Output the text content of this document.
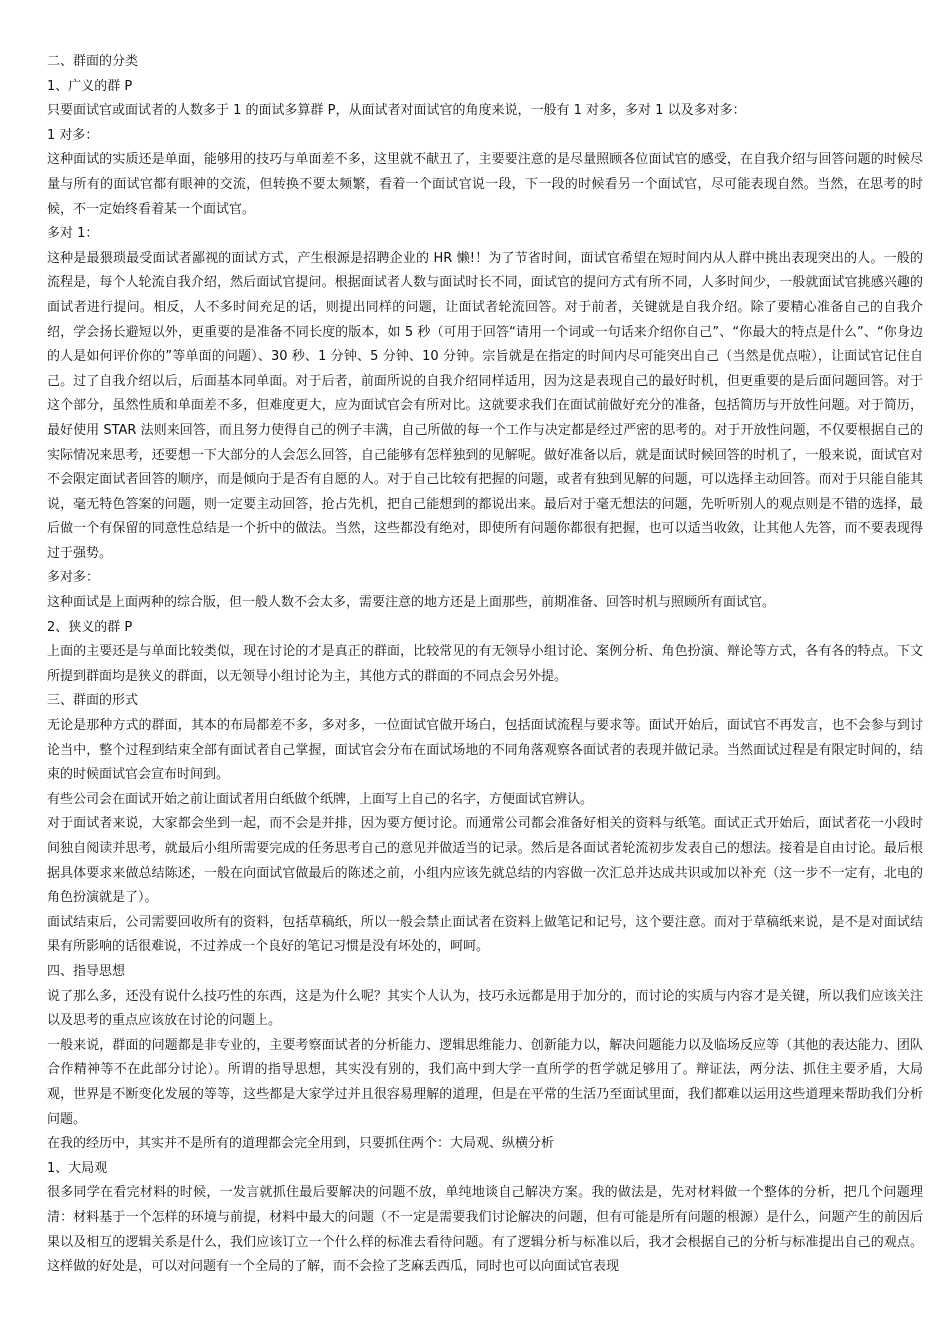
二、群面的分类

1、广义的群 P

只要面试官或面试者的人数多于 1 的面试多算群 P，从面试者对面试官的角度来说，一般有 1 对多，多对 1 以及多对多：

1 对多：

这种面试的实质还是单面，能够用的技巧与单面差不多，这里就不献丑了，主要要注意的是尽量照顾各位面试官的感受，在自我介绍与回答问题的时候尽量与所有的面试官都有眼神的交流，但转换不要太频繁，看着一个面试官说一段，下一段的时候看另一个面试官，尽可能表现自然。当然，在思考的时候，不一定始终看着某一个面试官。

多对 1：

这种是最猥琐最受面试者鄙视的面试方式，产生根源是招聘企业的 HR 懒!！为了节省时间，面试官希望在短时间内从人群中挑出表现突出的人。一般的流程是，每个人轮流自我介绍，然后面试官提问。根据面试者人数与面试时长不同，面试官的提问方式有所不同，人多时间少，一般就面试官挑感兴趣的面试者进行提问。相反，人不多时间充足的话，则提出同样的问题，让面试者轮流回答。对于前者，关键就是自我介绍。除了要精心准备自己的自我介绍，学会扬长避短以外，更重要的是准备不同长度的版本，如 5 秒（可用于回答“请用一个词或一句话来介绍你自己”、“你最大的特点是什么”、“你身边的人是如何评价你的”等单面的问题）、30 秒、1 分钟、5 分钟、10 分钟。宗旨就是在指定的时间内尽可能突出自己（当然是优点啦），让面试官记住自己。过了自我介绍以后，后面基本同单面。对于后者，前面所说的自我介绍同样适用，因为这是表现自己的最好时机，但更重要的是后面问题回答。对于这个部分，虽然性质和单面差不多，但难度更大，应为面试官会有所对比。这就要求我们在面试前做好充分的准备，包括简历与开放性问题。对于简历，最好使用 STAR 法则来回答，而且努力使得自己的例子丰满，自己所做的每一个工作与决定都是经过严密的思考的。对于开放性问题，不仅要根据自己的实际情况来思考，还要想一下大部分的人会怎么回答，自己能够有怎样独到的见解呢。做好准备以后，就是面试时候回答的时机了，一般来说，面试官对不会限定面试者回答的顺序，而是倾向于是否有自愿的人。对于自己比较有把握的问题，或者有独到见解的问题，可以选择主动回答。而对于只能自能其说，毫无特色答案的问题，则一定要主动回答，抢占先机，把自己能想到的都说出来。最后对于毫无想法的问题，先听听别人的观点则是不错的选择，最后做一个有保留的同意性总结是一个折中的做法。当然，这些都没有绝对，即使所有问题你都很有把握，也可以适当收敛，让其他人先答，而不要表现得过于强势。

多对多：

这种面试是上面两种的综合版，但一般人数不会太多，需要注意的地方还是上面那些，前期准备、回答时机与照顾所有面试官。

2、狭义的群 P

上面的主要还是与单面比较类似，现在讨论的才是真正的群面，比较常见的有无领导小组讨论、案例分析、角色扮演、辩论等方式，各有各的特点。下文所提到群面均是狭义的群面，以无领导小组讨论为主，其他方式的群面的不同点会另外提。

三、群面的形式

无论是那种方式的群面，其本的布局都差不多，多对多，一位面试官做开场白，包括面试流程与要求等。面试开始后，面试官不再发言，也不会参与到讨论当中，整个过程到结束全部有面试者自己掌握，面试官会分布在面试场地的不同角落观察各面试者的表现并做记录。当然面试过程是有限定时间的，结束的时候面试官会宣布时间到。

有些公司会在面试开始之前让面试者用白纸做个纸牌，上面写上自己的名字，方便面试官辨认。

对于面试者来说，大家都会坐到一起，而不会是并排，因为要方便讨论。而通常公司都会准备好相关的资料与纸笔。面试正式开始后，面试者花一小段时间独自阅读并思考，就最后小组所需要完成的任务思考自己的意见并做适当的记录。然后是各面试者轮流初步发表自己的想法。接着是自由讨论。最后根据具体要求来做总结陈述，一般在向面试官做最后的陈述之前，小组内应该先就总结的内容做一次汇总并达成共识或加以补充（这一步不一定有，北电的角色扮演就是了）。

面试结束后，公司需要回收所有的资料，包括草稿纸，所以一般会禁止面试者在资料上做笔记和记号，这个要注意。而对于草稿纸来说，是不是对面试结果有所影响的话很难说，不过养成一个良好的笔记习惯是没有坏处的，呵呵。

四、指导思想

说了那么多，还没有说什么技巧性的东西，这是为什么呢？其实个人认为，技巧永远都是用于加分的，而讨论的实质与内容才是关键，所以我们应该关注以及思考的重点应该放在讨论的问题上。

一般来说，群面的问题都是非专业的，主要考察面试者的分析能力、逻辑思维能力、创新能力以，解决问题能力以及临场反应等（其他的表达能力、团队合作精神等不在此部分讨论）。所谓的指导思想，其实没有别的，我们高中到大学一直所学的哲学就足够用了。辩证法，两分法、抓住主要矛盾，大局观，世界是不断变化发展的等等，这些都是大家学过并且很容易理解的道理，但是在平常的生活乃至面试里面，我们都难以运用这些道理来帮助我们分析问题。

在我的经历中，其实并不是所有的道理都会完全用到，只要抓住两个：大局观、纵横分析

1、大局观

很多同学在看完材料的时候，一发言就抓住最后要解决的问题不放，单纯地谈自己解决方案。我的做法是，先对材料做一个整体的分析，把几个问题理清：材料基于一个怎样的环境与前提，材料中最大的问题（不一定是需要我们讨论解决的问题，但有可能是所有问题的根源）是什么，问题产生的前因后果以及相互的逻辑关系是什么，我们应该订立一个什么样的标准去看待问题。有了逻辑分析与标准以后，我才会根据自己的分析与标准提出自己的观点。这样做的好处是，可以对问题有一个全局的了解，而不会捡了芝麻丢西瓜，同时也可以向面试官表现
